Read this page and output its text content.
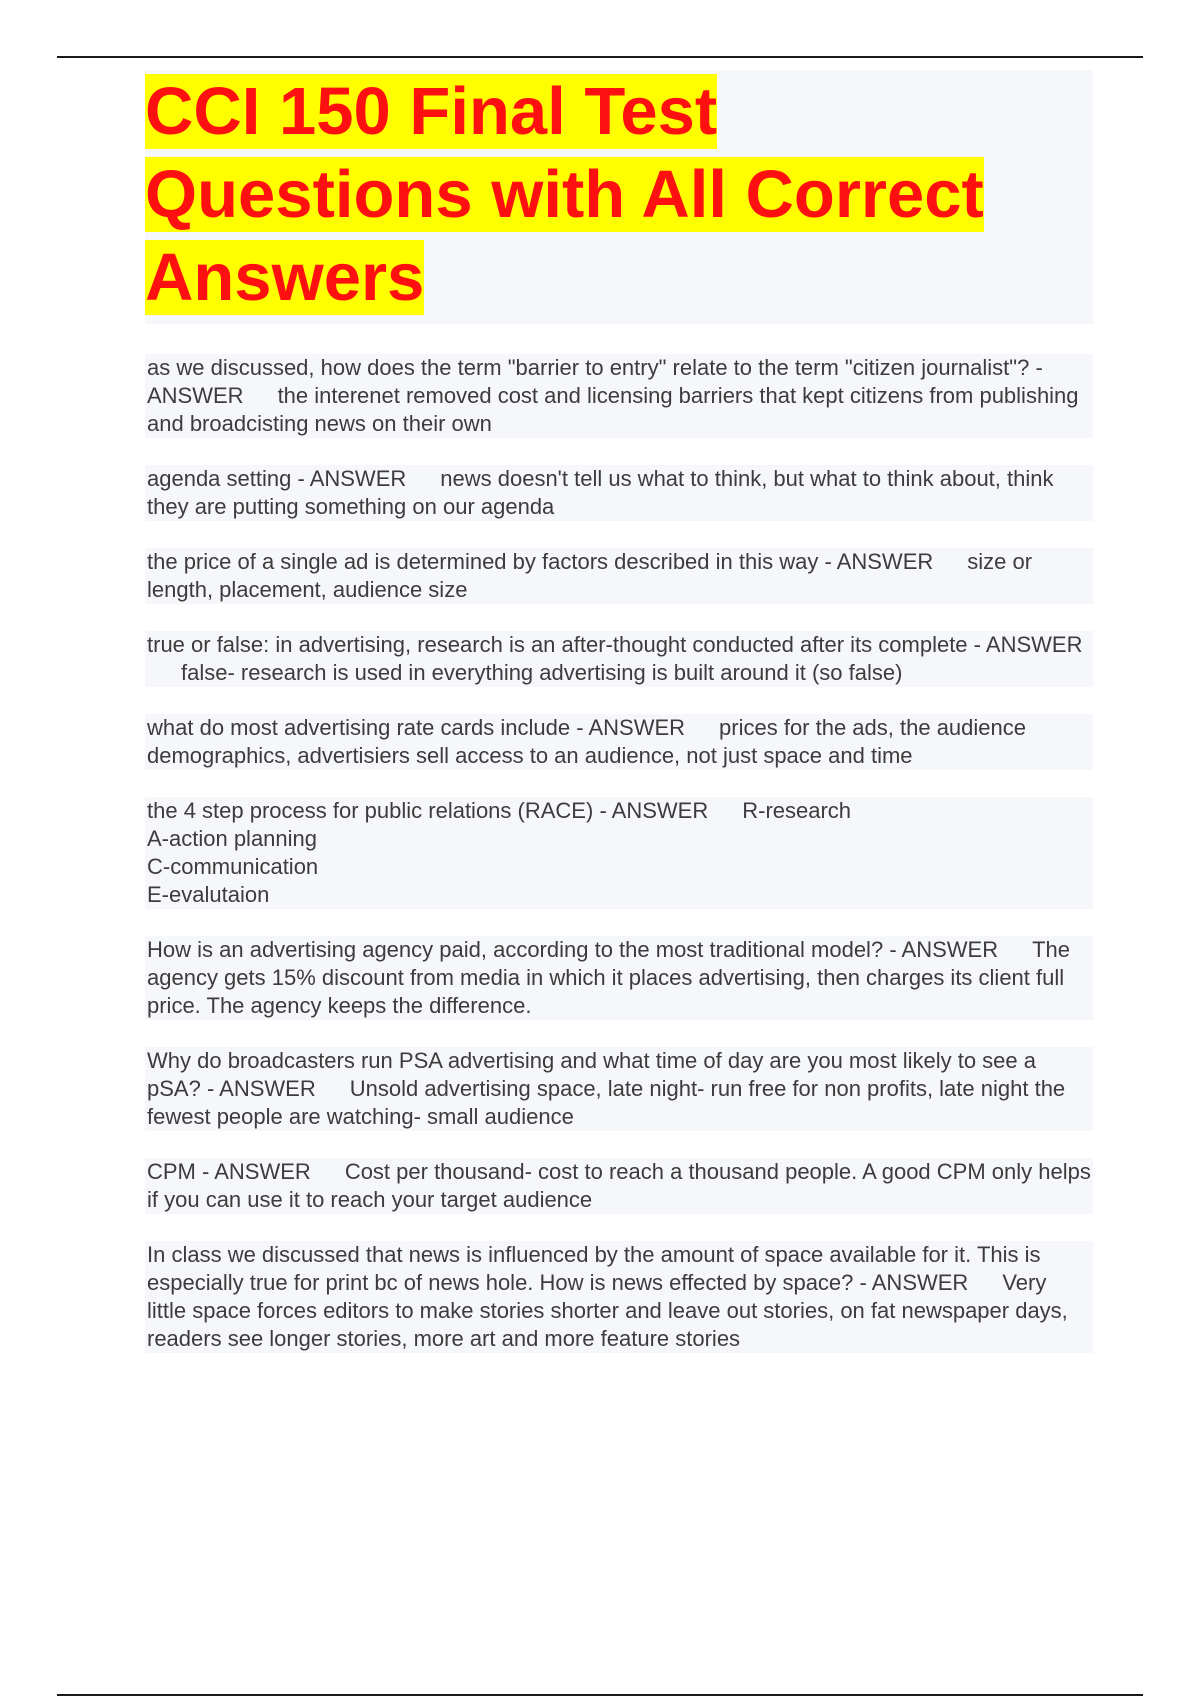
CCI 150 Final Test
Questions with All Correct
Answers

as we discussed, how does the term "barrier to entry" relate to the term "citizen journalist"? - ANSWER the interenet removed cost and licensing barriers that kept citizens from publishing and broadcisting news on their own

agenda setting - ANSWER news doesn't tell us what to think, but what to think about, think they are putting something on our agenda

the price of a single ad is determined by factors described in this way - ANSWER size or length, placement, audience size

true or false: in advertising, research is an after-thought conducted after its complete - ANSWERfalse- research is used in everything advertising is built around it (so false)

what do most advertising rate cards include - ANSWER prices for the ads, the audience demographics, advertisiers sell access to an audience, not just space and time

the 4 step process for public relations (RACE) - ANSWER R-research
A-action planning
C-communication
E-evalutaion

How is an advertising agency paid, according to the most traditional model? - ANSWER The agency gets 15% discount from media in which it places advertising, then charges its client full price. The agency keeps the difference.

Why do broadcasters run PSA advertising and what time of day are you most likely to see a pSA? - ANSWER Unsold advertising space, late night- run free for non profits, late night the fewest people are watching- small audience

CPM - ANSWER Cost per thousand- cost to reach a thousand people. A good CPM only helps if you can use it to reach your target audience

In class we discussed that news is influenced by the amount of space available for it. This is especially true for print bc of news hole. How is news effected by space? - ANSWER Very little space forces editors to make stories shorter and leave out stories, on fat newspaper days, readers see longer stories, more art and more feature stories
